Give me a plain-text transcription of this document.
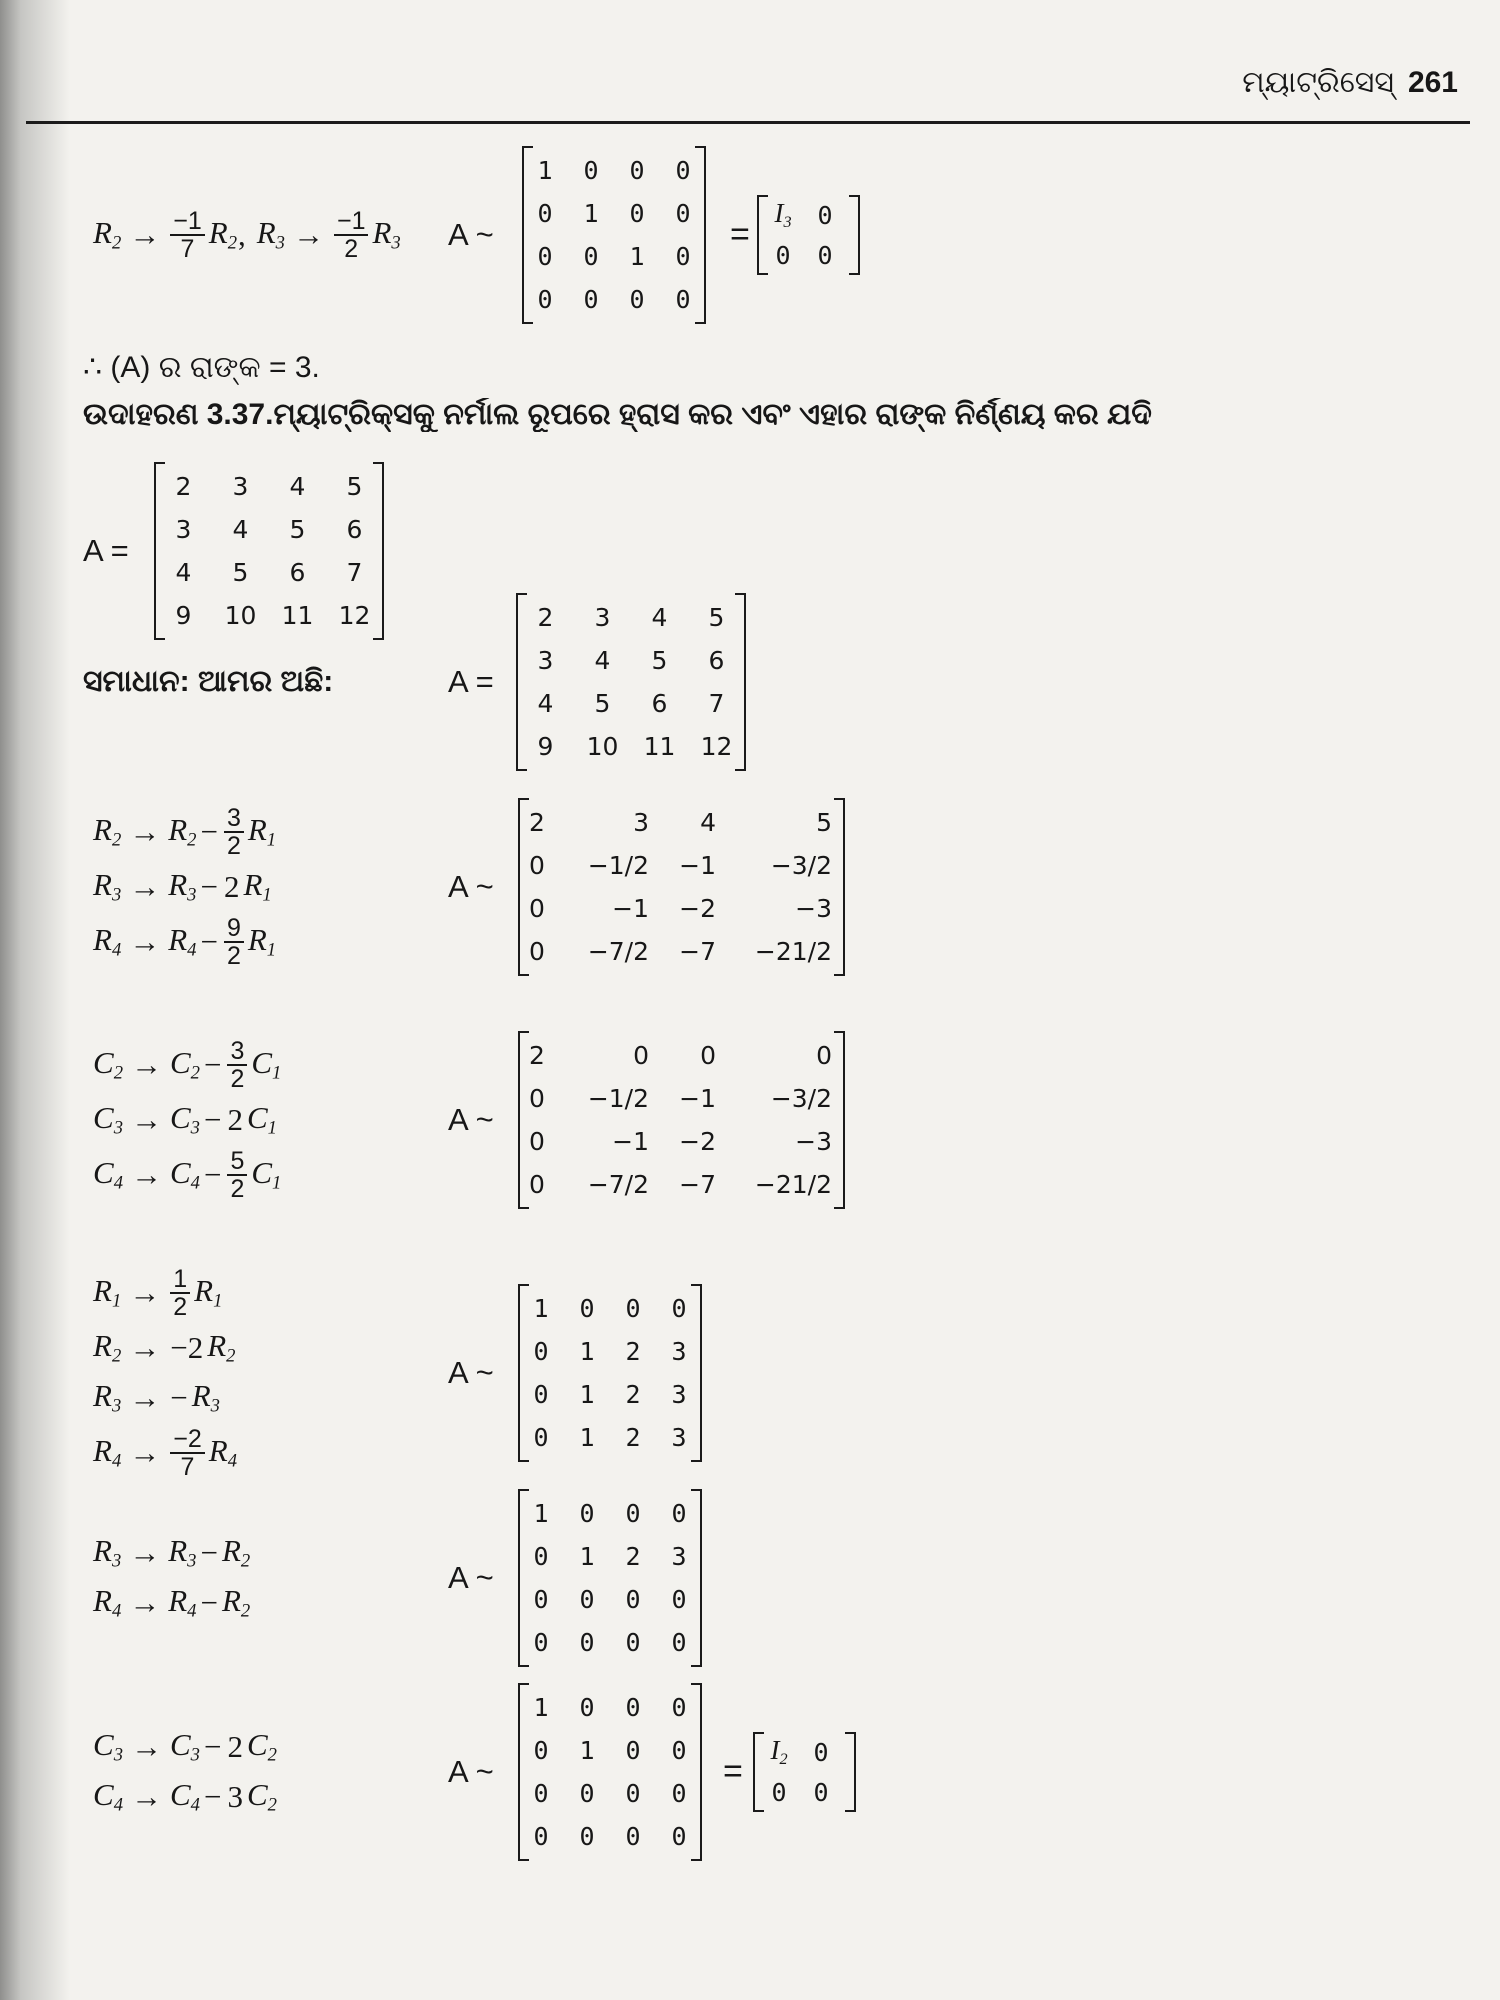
ମ୍ୟାଟ୍ରିସେସ୍ 261
$R_2 \to \frac{-1}{7} R_2$ , $R_3 \to \frac{-1}{2} R_3$ A ~
1 0 0 0
0 1 0 0
0 0 1 0
0 0 0 0
=
$I_3$ 0
0 0
∴ (A) ର ରାଙ୍କ = 3.
ଉଦାହରଣ 3.37.ମ୍ୟାଟ୍ରିକ୍ସକୁ ନର୍ମାଲ ରୂପରେ ହ୍ରାସ କର ଏବଂ ଏହାର ରାଙ୍କ ନିର୍ଣ୍ଣୟ କର ଯଦି
A =
2 3 4 5
3 4 5 6
4 5 6 7
9 10 11 12
ସମାଧାନ: ଆମର ଅଛି:	A =
2 3 4 5
3 4 5 6
4 5 6 7
9 10 11 12
$R_2 \to R_2 - \frac{3}{2} R_1$
$R_3 \to R_3 - 2$ $R_1$
$R_4 \to R_4 - \frac{9}{2} R_1$
A ~
2	3 4	5
0 −1/2 −1 −3/2
0	−1 −2	−3
0 −7/2 −7 −21/2
$C_2 \to C_2 - \frac{3}{2} C_1$
$C_3 \to C_3 - 2$ $C_1$
$C_4 \to C_4 - \frac{5}{2} C_1$
A ~
2	0 0	0
0 −1/2 −1 −3/2
0	−1 −2	−3
0 −7/2 −7 −21/2
$R_1 \to \frac{1}{2} R_1$
$R_2 \to -2$ $R_2$
$R_3$ → − $R_3$
$R_4 \to \frac{-2}{7} R_4$
A ~
1 0 0 0
0 1 2 3
0 1 2 3
0 1 2 3
$R_3 \to R_3 - R_2$
$R_4 \to R_4 - R_2$
A ~
1 0 0 0
0 1 2 3
0 0 0 0
0 0 0 0
$C_3 \to C_3 - 2$ $C_2$
$C_4 \to C_4 - 3$ $C_2$
A ~
1 0 0 0
0 1 0 0
0 0 0 0
0 0 0 0
=
$I_2$ 0
0 0
